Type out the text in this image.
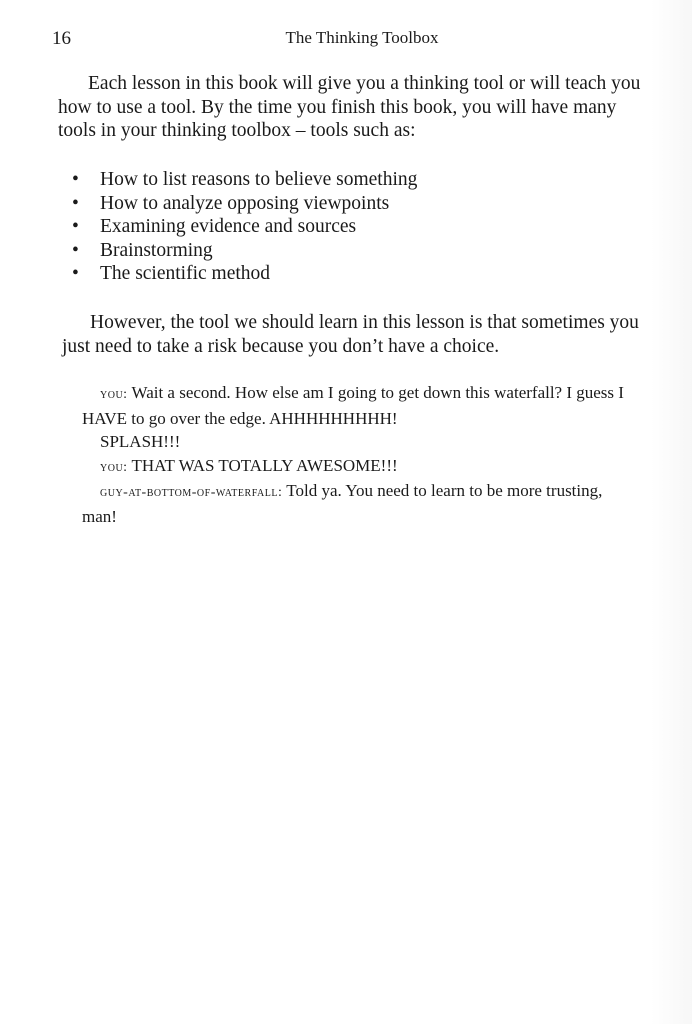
16	The Thinking Toolbox

Each lesson in this book will give you a thinking tool or will teach you how to use a tool. By the time you finish this book, you will have many tools in your thinking toolbox – tools such as:

• How to list reasons to believe something
• How to analyze opposing viewpoints
• Examining evidence and sources
• Brainstorming
• The scientific method

However, the tool we should learn in this lesson is that sometimes you just need to take a risk because you don’t have a choice.

you: Wait a second. How else am I going to get down this waterfall? I guess I HAVE to go over the edge. AHHHHHHHHH!

SPLASH!!!

you: THAT WAS TOTALLY AWESOME!!!

guy-at-bottom-of-waterfall: Told ya. You need to learn to be more trusting, man!
